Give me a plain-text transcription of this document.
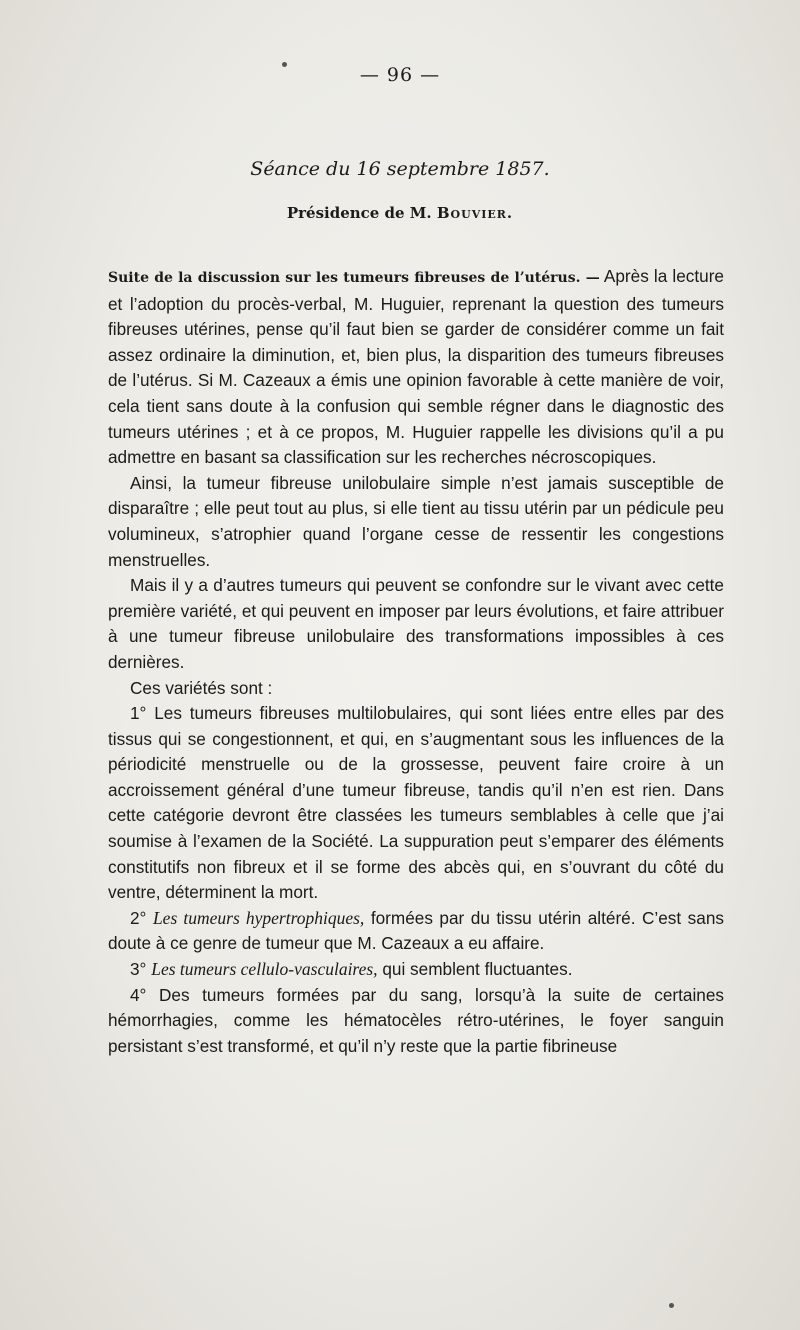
— 96 —
Séance du 16 septembre 1857.
Présidence de M. Bouvier.

Suite de la discussion sur les tumeurs fibreuses de l’utérus. — Après la lecture et l’adoption du procès-verbal, M. Huguier, reprenant la question des tumeurs fibreuses utérines, pense qu’il faut bien se garder de considérer comme un fait assez ordinaire la diminution, et, bien plus, la disparition des tumeurs fibreuses de l’utérus. Si M. Cazeaux a émis une opinion favorable à cette manière de voir, cela tient sans doute à la confusion qui semble régner dans le diagnostic des tumeurs utérines ; et à ce propos, M. Huguier rappelle les divisions qu’il a pu admettre en basant sa classification sur les recherches nécroscopiques.

Ainsi, la tumeur fibreuse unilobulaire simple n’est jamais susceptible de disparaître ; elle peut tout au plus, si elle tient au tissu utérin par un pédicule peu volumineux, s’atrophier quand l’organe cesse de ressentir les congestions menstruelles.

Mais il y a d’autres tumeurs qui peuvent se confondre sur le vivant avec cette première variété, et qui peuvent en imposer par leurs évolutions, et faire attribuer à une tumeur fibreuse unilobulaire des transformations impossibles à ces dernières.

Ces variétés sont :

1° Les tumeurs fibreuses multilobulaires, qui sont liées entre elles par des tissus qui se congestionnent, et qui, en s’augmentant sous les influences de la périodicité menstruelle ou de la grossesse, peuvent faire croire à un accroissement général d’une tumeur fibreuse, tandis qu’il n’en est rien. Dans cette catégorie devront être classées les tumeurs semblables à celle que j’ai soumise à l’examen de la Société. La suppuration peut s’emparer des éléments constitutifs non fibreux et il se forme des abcès qui, en s’ouvrant du côté du ventre, déterminent la mort.

2° Les tumeurs hypertrophiques, formées par du tissu utérin altéré. C’est sans doute à ce genre de tumeur que M. Cazeaux a eu affaire.

3° Les tumeurs cellulo-vasculaires, qui semblent fluctuantes.

4° Des tumeurs formées par du sang, lorsqu’à la suite de certaines hémorrhagies, comme les hématocèles rétro-utérines, le foyer sanguin persistant s’est transformé, et qu’il n’y reste que la partie fibrineuse
